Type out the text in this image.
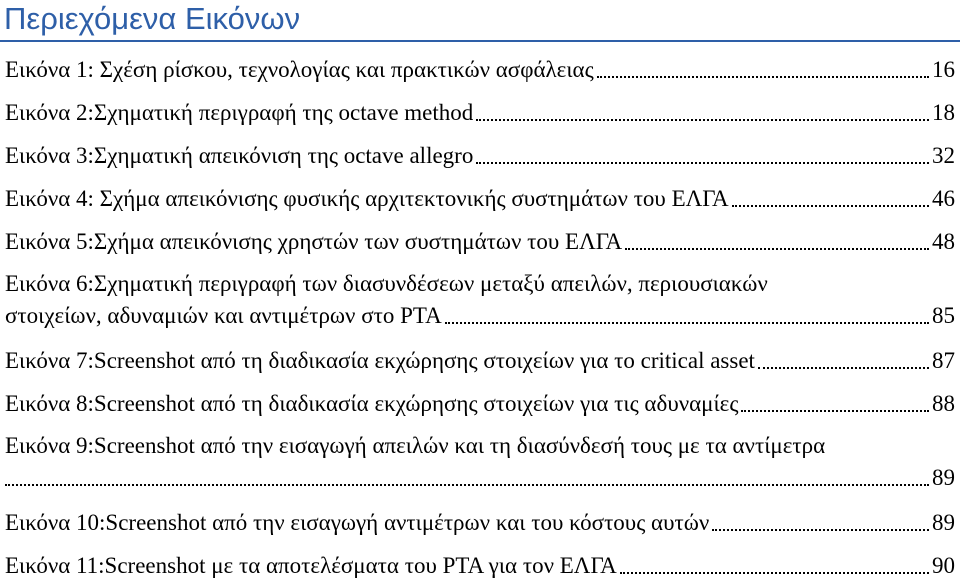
Περιεχόμενα Εικόνων
Εικόνα 1: Σχέση ρίσκου, τεχνολογίας και πρακτικών ασφάλειας	16
Εικόνα 2:Σχηματική περιγραφή της octave method	18
Εικόνα 3:Σχηματική απεικόνιση της octave allegro	32
Εικόνα 4: Σχήμα απεικόνισης φυσικής αρχιτεκτονικής συστημάτων του ΕΛΓΑ	46
Εικόνα 5:Σχήμα απεικόνισης χρηστών των συστημάτων του ΕΛΓΑ	48
Εικόνα 6:Σχηματική περιγραφή των διασυνδέσεων μεταξύ απειλών, περιουσιακών
στοιχείων, αδυναμιών και αντιμέτρων στο PTA	85
Εικόνα 7:Screenshot από τη διαδικασία εκχώρησης στοιχείων για το critical asset	87
Εικόνα 8:Screenshot από τη διαδικασία εκχώρησης στοιχείων για τις αδυναμίες	88
Εικόνα 9:Screenshot από την εισαγωγή απειλών και τη διασύνδεσή τους με τα αντίμετρα
89
Εικόνα 10:Screenshot από την εισαγωγή αντιμέτρων και του κόστους αυτών	89
Εικόνα 11:Screenshot με τα αποτελέσματα του PTA για τον ΕΛΓΑ	90
